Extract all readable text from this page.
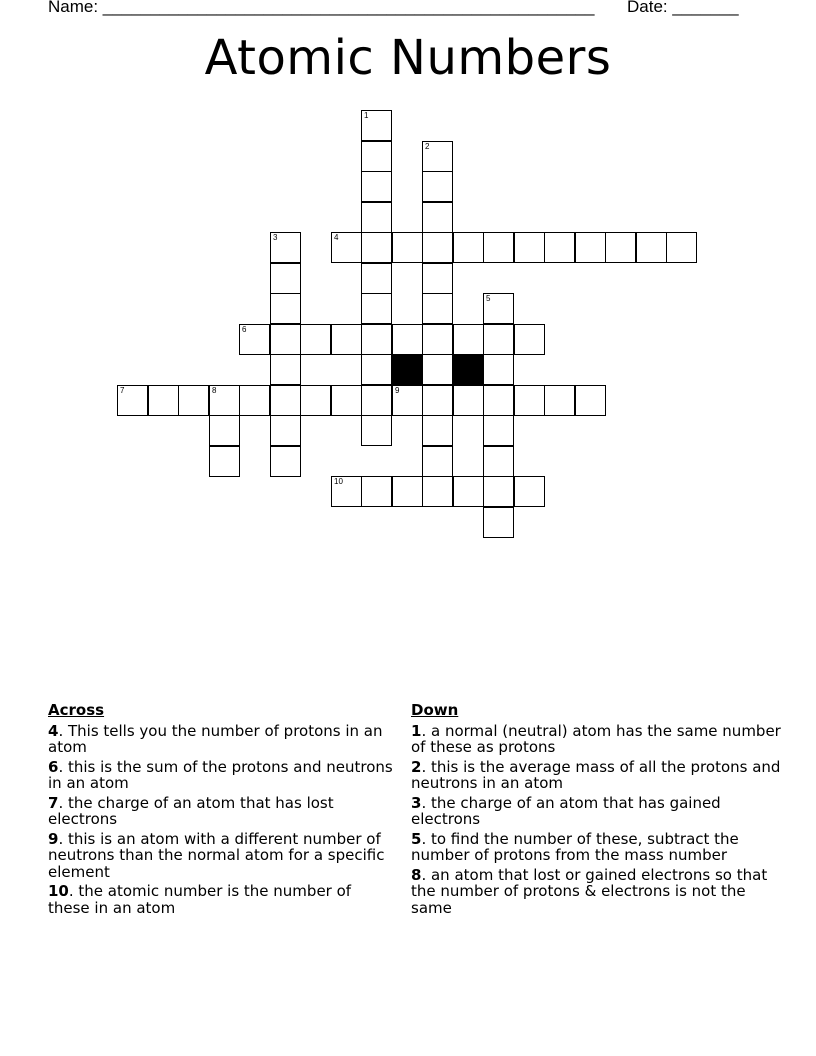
Name: ____________________________________________________ Date: _______
Atomic Numbers
4
6
7	8	9
10
1
2
3
5
Across
4. This tells you the number of protons in an atom
6. this is the sum of the protons and neutrons in an atom
7. the charge of an atom that has lost electrons
9. this is an atom with a different number of neutrons than the normal atom for a specific element
10. the atomic number is the number of these in an atom
Down
1. a normal (neutral) atom has the same number of these as protons
2. this is the average mass of all the protons and neutrons in an atom
3. the charge of an atom that has gained electrons
5. to find the number of these, subtract the number of protons from the mass number
8. an atom that lost or gained electrons so that the number of protons & electrons is not the same
